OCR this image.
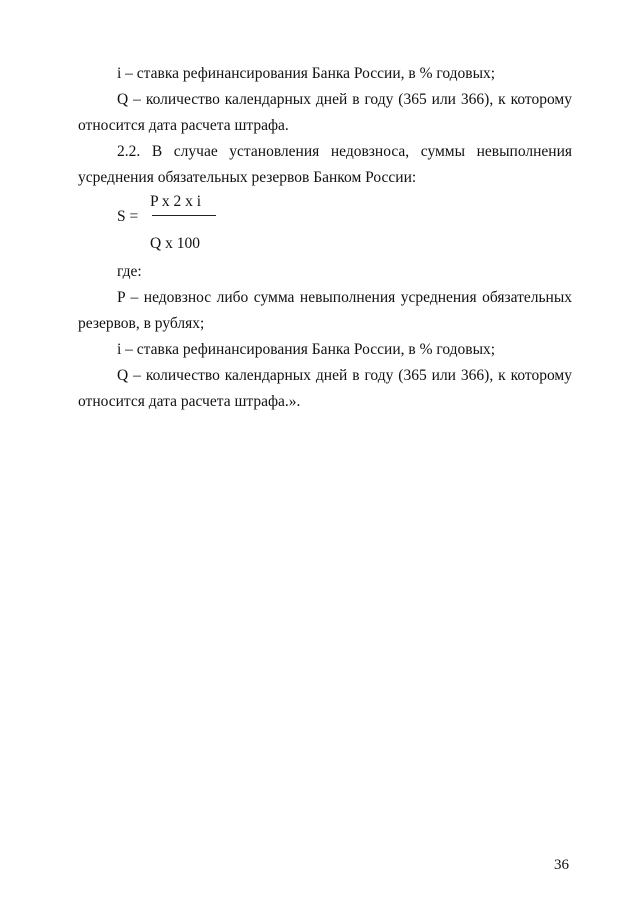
i – ставка рефинансирования Банка России, в % годовых;
Q – количество календарных дней в году (365 или 366), к которому
относится дата расчета штрафа.
2.2. В случае установления недовзноса, суммы невыполнения
усреднения обязательных резервов Банком России:
P x 2 x i
S =
Q x 100
где:
P – недовзнос либо сумма невыполнения усреднения обязательных
резервов, в рублях;
i – ставка рефинансирования Банка России, в % годовых;
Q – количество календарных дней в году (365 или 366), к которому
относится дата расчета штрафа.».
36
